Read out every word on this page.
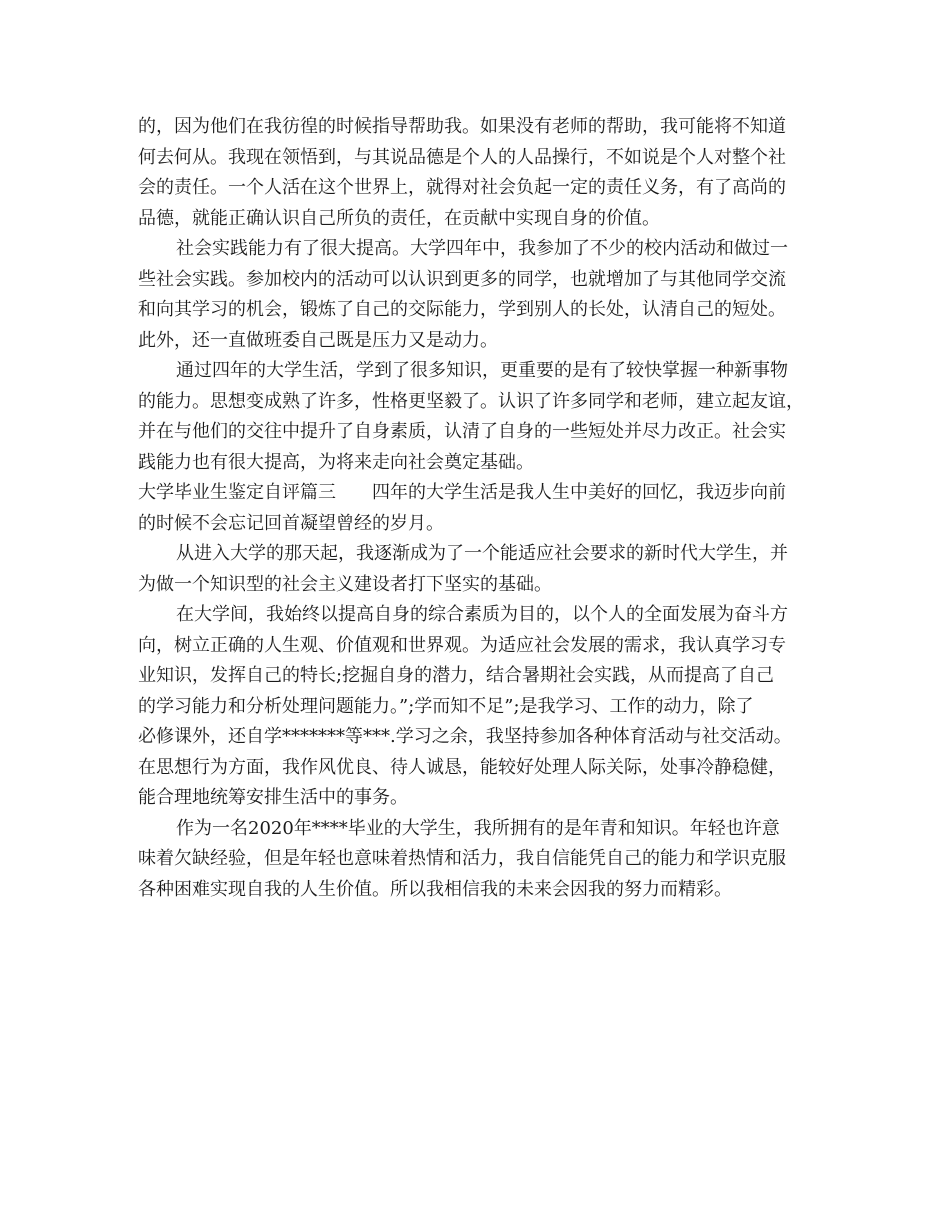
的，因为他们在我彷徨的时候指导帮助我。如果没有老师的帮助，我可能将不知道
何去何从。我现在领悟到，与其说品德是个人的人品操行，不如说是个人对整个社
会的责任。一个人活在这个世界上，就得对社会负起一定的责任义务，有了高尚的
品德，就能正确认识自己所负的责任，在贡献中实现自身的价值。
社会实践能力有了很大提高。大学四年中，我参加了不少的校内活动和做过一
些社会实践。参加校内的活动可以认识到更多的同学，也就增加了与其他同学交流
和向其学习的机会，锻炼了自己的交际能力，学到别人的长处，认清自己的短处。
此外，还一直做班委自己既是压力又是动力。
通过四年的大学生活，学到了很多知识，更重要的是有了较快掌握一种新事物
的能力。思想变成熟了许多，性格更坚毅了。认识了许多同学和老师，建立起友谊，
并在与他们的交往中提升了自身素质，认清了自身的一些短处并尽力改正。社会实
践能力也有很大提高，为将来走向社会奠定基础。
大学毕业生鉴定自评篇三　　四年的大学生活是我人生中美好的回忆，我迈步向前
的时候不会忘记回首凝望曾经的岁月。
从进入大学的那天起，我逐渐成为了一个能适应社会要求的新时代大学生，并
为做一个知识型的社会主义建设者打下坚实的基础。
在大学间，我始终以提高自身的综合素质为目的，以个人的全面发展为奋斗方
向，树立正确的人生观、价值观和世界观。为适应社会发展的需求，我认真学习专
业知识，发挥自己的特长;挖掘自身的潜力，结合暑期社会实践，从而提高了自己
的学习能力和分析处理问题能力。”;学而知不足”;是我学习、工作的动力，除了
必修课外，还自学*******等***.学习之余，我坚持参加各种体育活动与社交活动。
在思想行为方面，我作风优良、待人诚恳，能较好处理人际关际，处事冷静稳健，
能合理地统筹安排生活中的事务。
作为一名2020年****毕业的大学生，我所拥有的是年青和知识。年轻也许意
味着欠缺经验，但是年轻也意味着热情和活力，我自信能凭自己的能力和学识克服
各种困难实现自我的人生价值。所以我相信我的未来会因我的努力而精彩。
